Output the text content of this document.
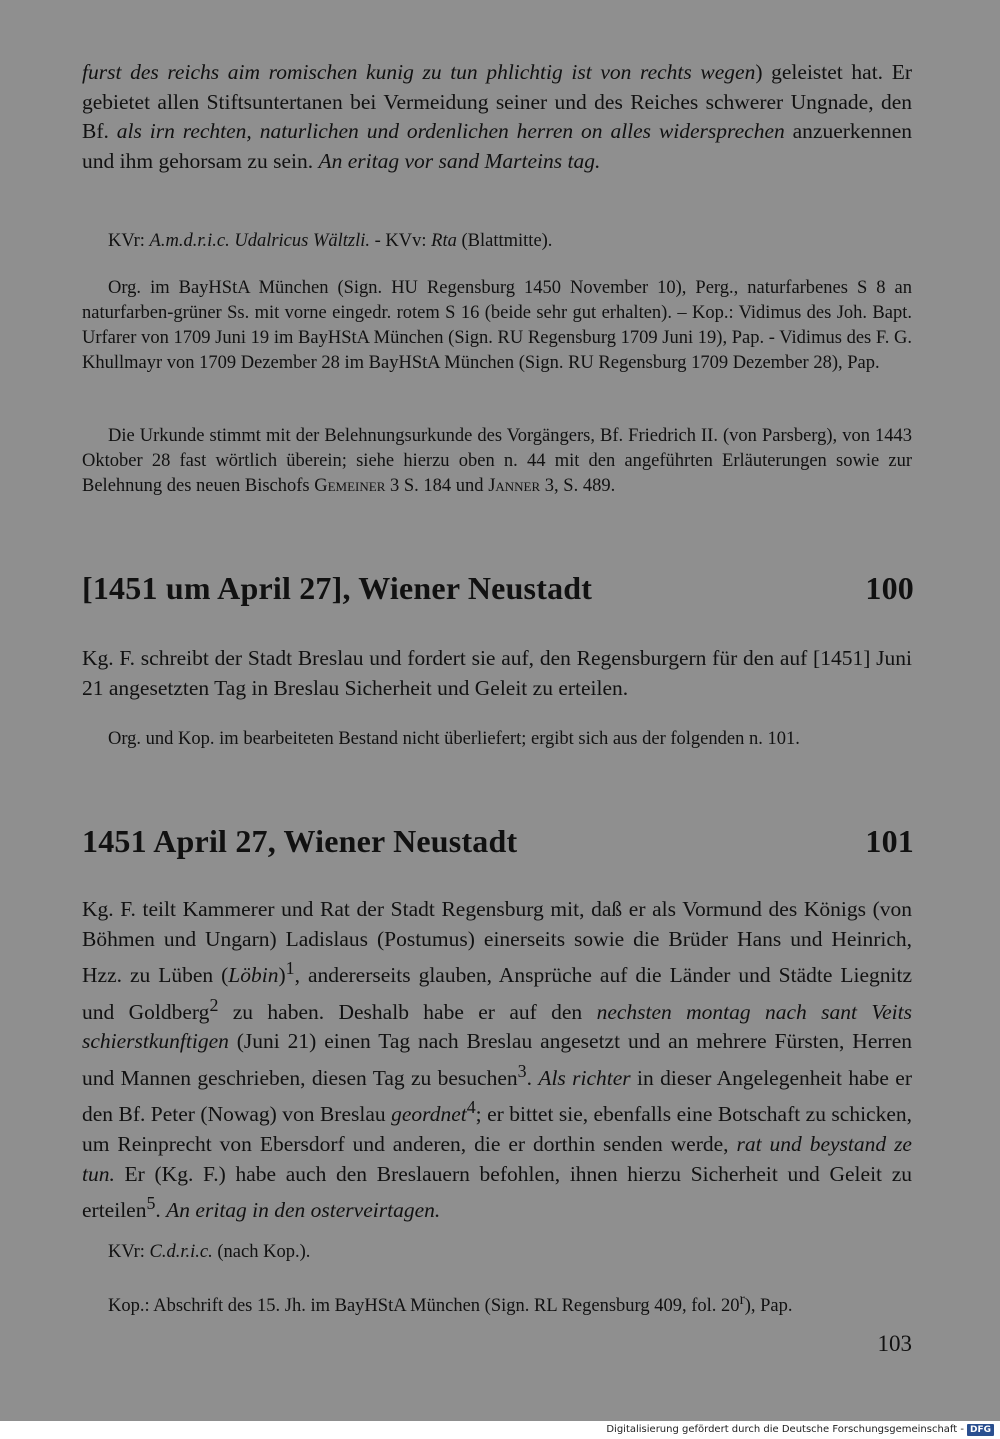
furst des reichs aim romischen kunig zu tun phlichtig ist von rechts wegen) geleistet hat. Er gebietet allen Stiftsuntertanen bei Vermeidung seiner und des Reiches schwerer Ungnade, den Bf. als irn rechten, naturlichen und ordenlichen herren on alles widersprechen anzuerkennen und ihm gehorsam zu sein. An eritag vor sand Marteins tag.

KVr: A.m.d.r.i.c. Udalricus Wältzli. - KVv: Rta (Blattmitte).

Org. im BayHStA München (Sign. HU Regensburg 1450 November 10), Perg., naturfarbenes S 8 an naturfarben-grüner Ss. mit vorne eingedr. rotem S 16 (beide sehr gut erhalten). – Kop.: Vidimus des Joh. Bapt. Urfarer von 1709 Juni 19 im BayHStA München (Sign. RU Regensburg 1709 Juni 19), Pap. - Vidimus des F. G. Khullmayr von 1709 Dezember 28 im BayHStA München (Sign. RU Regensburg 1709 Dezember 28), Pap.

Die Urkunde stimmt mit der Belehnungsurkunde des Vorgängers, Bf. Friedrich II. (von Parsberg), von 1443 Oktober 28 fast wörtlich überein; siehe hierzu oben n. 44 mit den angeführten Erläuterungen sowie zur Belehnung des neuen Bischofs Gemeiner 3 S. 184 und Janner 3, S. 489.

[1451 um April 27], Wiener Neustadt	100

Kg. F. schreibt der Stadt Breslau und fordert sie auf, den Regensburgern für den auf [1451] Juni 21 angesetzten Tag in Breslau Sicherheit und Geleit zu erteilen.

Org. und Kop. im bearbeiteten Bestand nicht überliefert; ergibt sich aus der folgenden n. 101.

1451 April 27, Wiener Neustadt	101

Kg. F. teilt Kammerer und Rat der Stadt Regensburg mit, daß er als Vormund des Königs (von Böhmen und Ungarn) Ladislaus (Postumus) einerseits sowie die Brüder Hans und Heinrich, Hzz. zu Lüben (Löbin)$^1$, andererseits glauben, Ansprüche auf die Länder und Städte Liegnitz und Goldberg$^2$ zu haben. Deshalb habe er auf den nechsten montag nach sant Veits schierstkunftigen (Juni 21) einen Tag nach Breslau angesetzt und an mehrere Fürsten, Herren und Mannen geschrieben, diesen Tag zu besuchen$^3$. Als richter in dieser Angelegenheit habe er den Bf. Peter (Nowag) von Breslau geordnet$^4$; er bittet sie, ebenfalls eine Botschaft zu schicken, um Reinprecht von Ebersdorf und anderen, die er dorthin senden werde, rat und beystand ze tun. Er (Kg. F.) habe auch den Breslauern befohlen, ihnen hierzu Sicherheit und Geleit zu erteilen$^5$. An eritag in den osterveirtagen.

KVr: C.d.r.i.c. (nach Kop.).

Kop.: Abschrift des 15. Jh. im BayHStA München (Sign. RL Regensburg 409, fol. 20$^r$), Pap.

103
Digitalisierung gefördert durch die Deutsche Forschungsgemeinschaft - DFG
